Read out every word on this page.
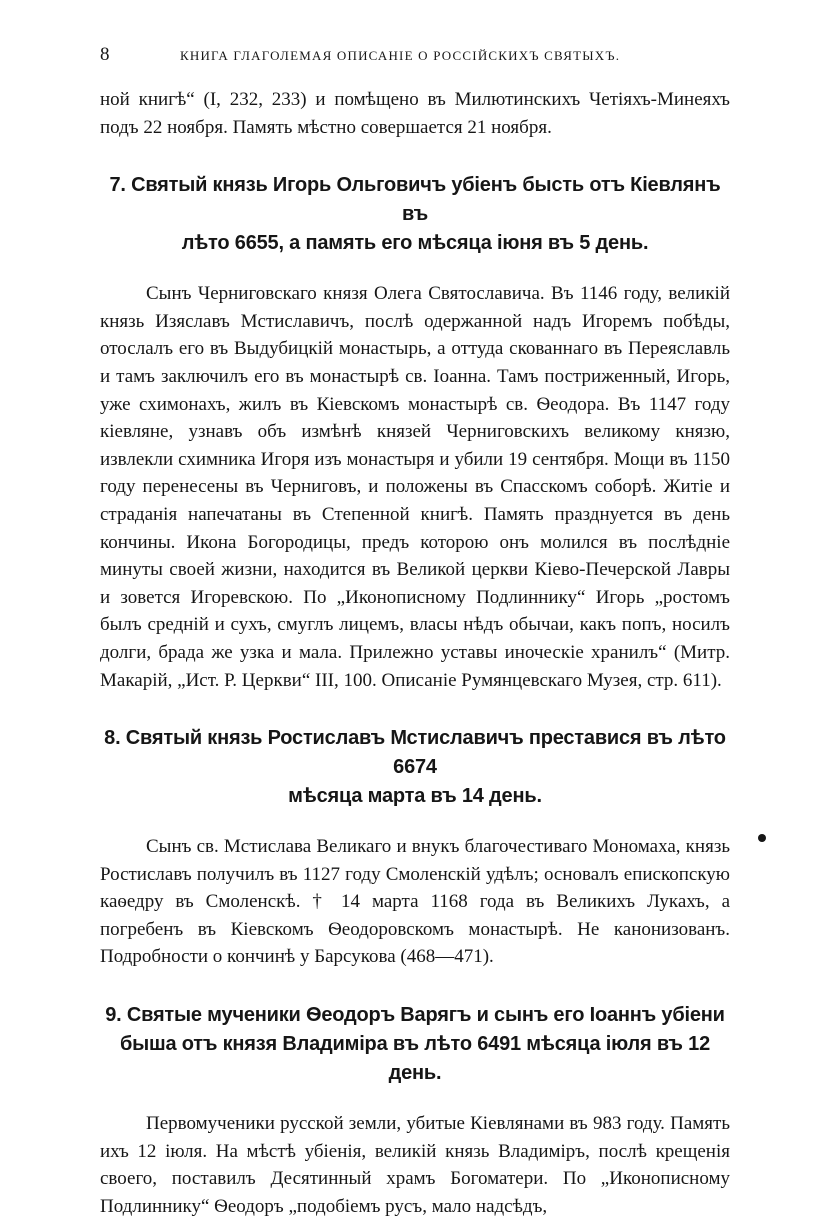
8	КНИГА ГЛАГОЛЕМАЯ ОПИСАНІЕ О РОССІЙСКИХЪ СВЯТЫХЪ.

ной книгѣ“ (I, 232, 233) и помѣщено въ Милютинскихъ Четіяхъ-Минеяхъ подъ 22 ноября. Память мѣстно совершается 21 ноября.

7. Святый князь Игорь Ольговичъ убіенъ бысть отъ Кіевлянъ въ
лѣто 6655, а память его мѣсяца іюня въ 5 день.

Сынъ Черниговскаго князя Олега Святославича. Въ 1146 году, великій князь Изяславъ Мстиславичъ, послѣ одержанной надъ Игоремъ побѣды, отослалъ его въ Выдубицкій монастырь, а оттуда скованнаго въ Переяславль и тамъ заключилъ его въ монастырѣ св. Іоанна. Тамъ постриженный, Игорь, уже схимонахъ, жилъ въ Кіевскомъ монастырѣ св. Ѳеодора. Въ 1147 году кіевляне, узнавъ объ измѣнѣ князей Черниговскихъ великому князю, извлекли схимника Игоря изъ монастыря и убили 19 сентября. Мощи въ 1150 году перенесены въ Черниговъ, и положены въ Спасскомъ соборѣ. Житіе и страданія напечатаны въ Степенной книгѣ. Память празднуется въ день кончины. Икона Богородицы, предъ которою онъ молился въ послѣдніе минуты своей жизни, находится въ Великой церкви Кіево-Печерской Лавры и зовется Игоревскою. По „Иконописному Подлиннику“ Игорь „ростомъ былъ средній и сухъ, смуглъ лицемъ, власы нѣдъ обычаи, какъ попъ, носилъ долги, брада же узка и мала. Прилежно уставы иноческіе хранилъ“ (Митр. Макарій, „Ист. Р. Церкви“ III, 100. Описаніе Румянцевскаго Музея, стр. 611).

8. Святый князь Ростиславъ Мстиславичъ преставися въ лѣто 6674
мѣсяца марта въ 14 день.

Сынъ св. Мстислава Великаго и внукъ благочестиваго Мономаха, князь Ростиславъ получилъ въ 1127 году Смоленскій удѣлъ; основалъ епископскую каѳедру въ Смоленскѣ. † 14 марта 1168 года въ Великихъ Лукахъ, а погребенъ въ Кіевскомъ Ѳеодоровскомъ монастырѣ. Не канонизованъ. Подробности о кончинѣ у Барсукова (468—471).

9. Святые мученики Ѳеодоръ Варягъ и сынъ его Іоаннъ убіени
быша отъ князя Владиміра въ лѣто 6491 мѣсяца іюля въ 12 день.

Первомученики русской земли, убитые Кіевлянами въ 983 году. Память ихъ 12 іюля. На мѣстѣ убіенія, великій князь Владиміръ, послѣ крещенія своего, поставилъ Десятинный храмъ Богоматери. По „Иконописному Подлиннику“ Ѳеодоръ „подобіемъ русъ, мало надсѣдъ,
